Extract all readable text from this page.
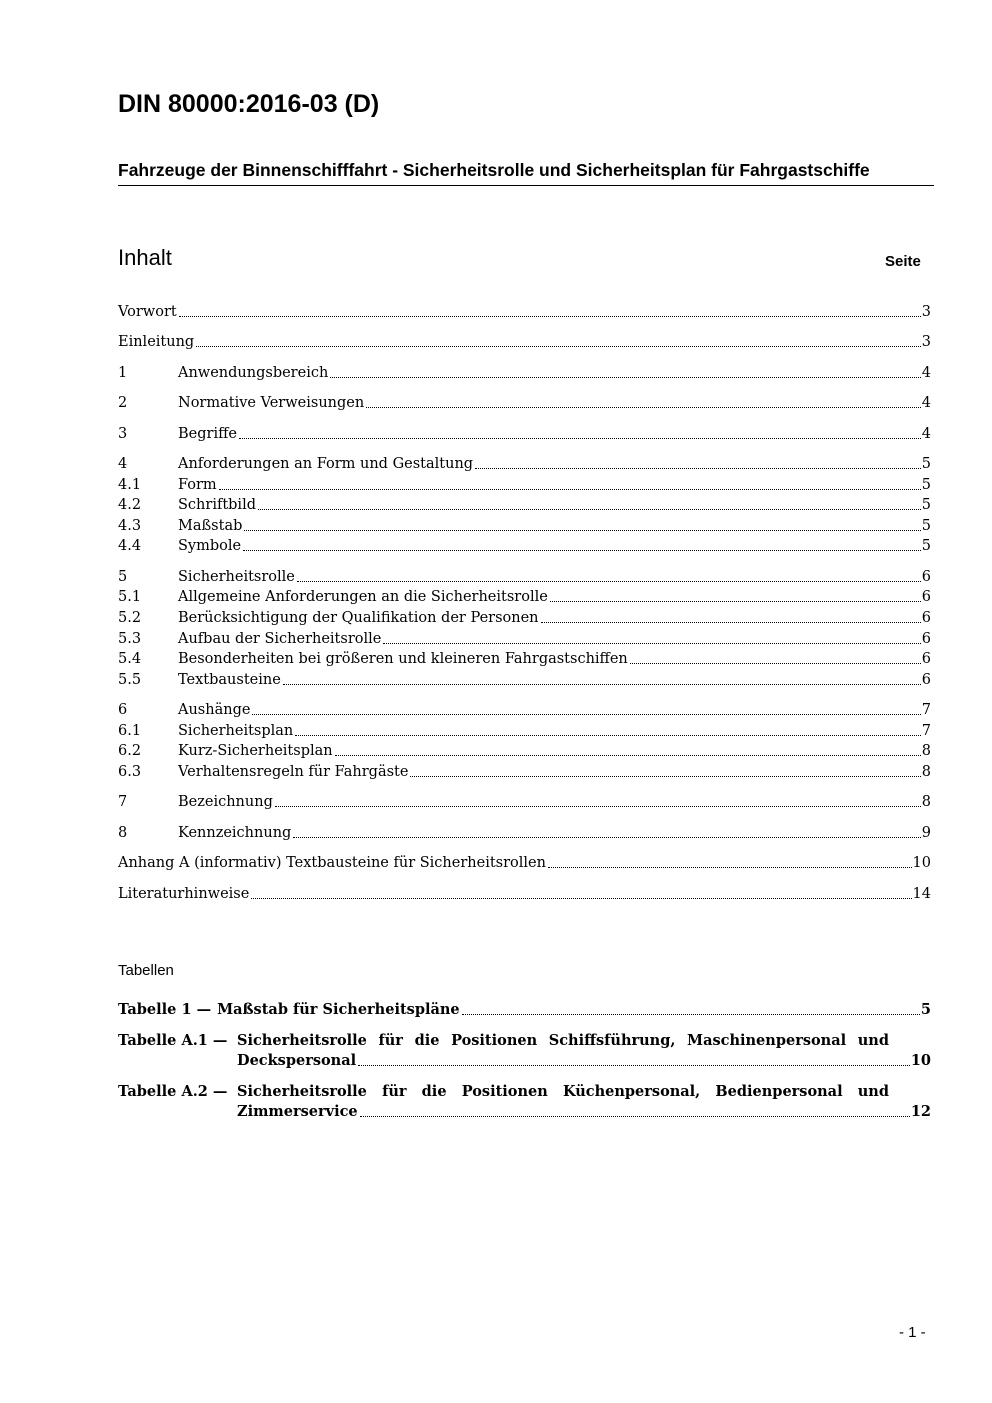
DIN 80000:2016-03 (D)
Fahrzeuge der Binnenschifffahrt - Sicherheitsrolle und Sicherheitsplan für Fahrgastschiffe
Inhalt	Seite
Vorwort	3
Einleitung	3
1	Anwendungsbereich	4
2	Normative Verweisungen	4
3	Begriffe	4
4	Anforderungen an Form und Gestaltung	5
4.1	Form	5
4.2	Schriftbild	5
4.3	Maßstab	5
4.4	Symbole	5
5	Sicherheitsrolle	6
5.1	Allgemeine Anforderungen an die Sicherheitsrolle	6
5.2	Berücksichtigung der Qualifikation der Personen	6
5.3	Aufbau der Sicherheitsrolle	6
5.4	Besonderheiten bei größeren und kleineren Fahrgastschiffen	6
5.5	Textbausteine	6
6	Aushänge	7
6.1	Sicherheitsplan	7
6.2	Kurz-Sicherheitsplan	8
6.3	Verhaltensregeln für Fahrgäste	8
7	Bezeichnung	8
8	Kennzeichnung	9
Anhang A (informativ) Textbausteine für Sicherheitsrollen	10
Literaturhinweise	14
Tabellen
Tabelle 1 — Maßstab für Sicherheitspläne	5
Tabelle A.1 — Sicherheitsrolle für die Positionen Schiffsführung, Maschinenpersonal und
Deckspersonal	10
Tabelle A.2 — Sicherheitsrolle für die Positionen Küchenpersonal, Bedienpersonal und
Zimmerservice	12
- 1 -
